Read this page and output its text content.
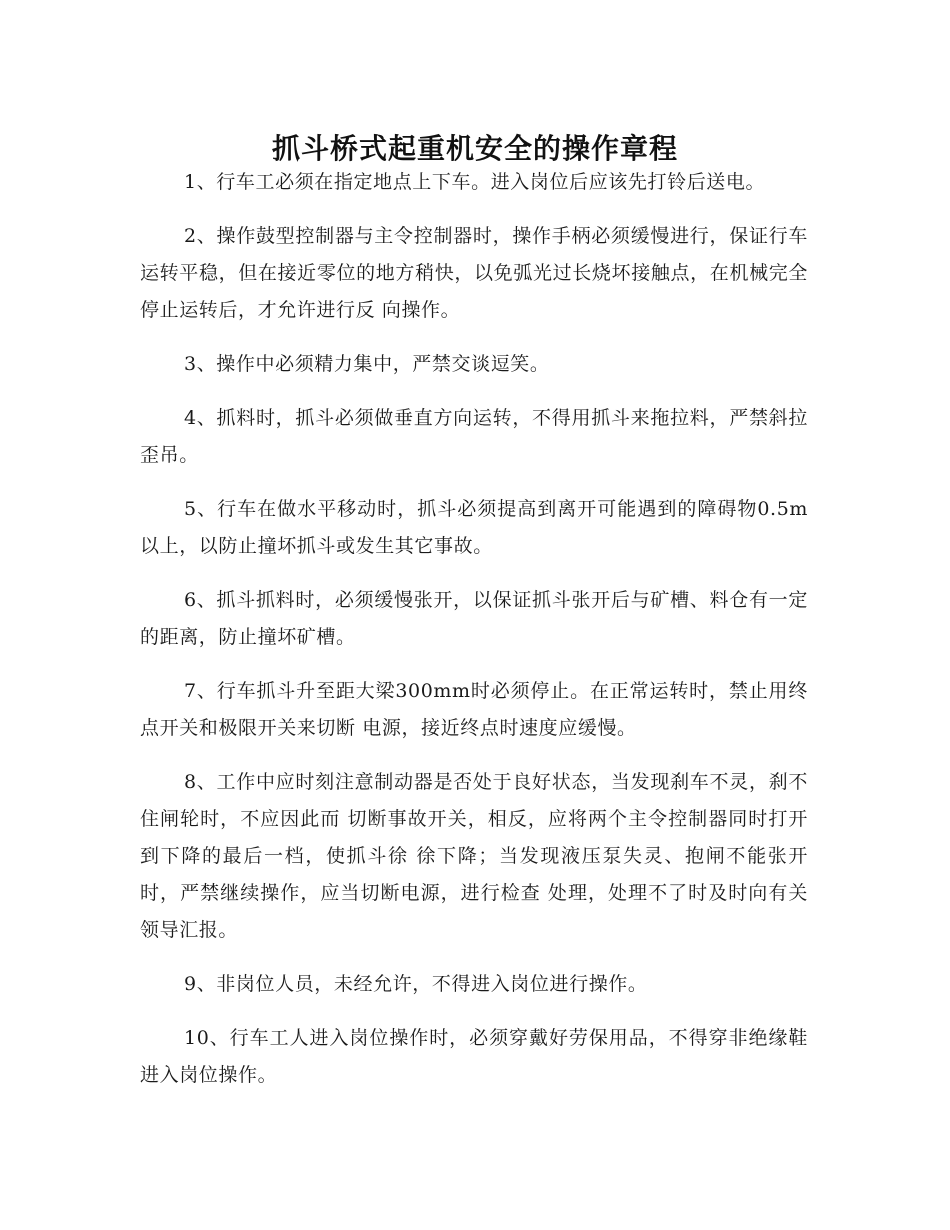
抓斗桥式起重机安全的操作章程

1、行车工必须在指定地点上下车。进入岗位后应该先打铃后送电。

2、操作鼓型控制器与主令控制器时，操作手柄必须缓慢进行，保证行车运转平稳，但在接近零位的地方稍快，以免弧光过长烧坏接触点，在机械完全停止运转后，才允许进行反 向操作。

3、操作中必须精力集中，严禁交谈逗笑。

4、抓料时，抓斗必须做垂直方向运转，不得用抓斗来拖拉料，严禁斜拉歪吊。

5、行车在做水平移动时，抓斗必须提高到离开可能遇到的障碍物0.5m以上，以防止撞坏抓斗或发生其它事故。

6、抓斗抓料时，必须缓慢张开，以保证抓斗张开后与矿槽、料仓有一定的距离，防止撞坏矿槽。

7、行车抓斗升至距大梁300mm时必须停止。在正常运转时，禁止用终点开关和极限开关来切断 电源，接近终点时速度应缓慢。

8、工作中应时刻注意制动器是否处于良好状态，当发现刹车不灵，刹不住闸轮时，不应因此而 切断事故开关，相反，应将两个主令控制器同时打开到下降的最后一档，使抓斗徐 徐下降；当发现液压泵失灵、抱闸不能张开时，严禁继续操作，应当切断电源，进行检查 处理，处理不了时及时向有关领导汇报。

9、非岗位人员，未经允许，不得进入岗位进行操作。

10、行车工人进入岗位操作时，必须穿戴好劳保用品，不得穿非绝缘鞋进入岗位操作。
